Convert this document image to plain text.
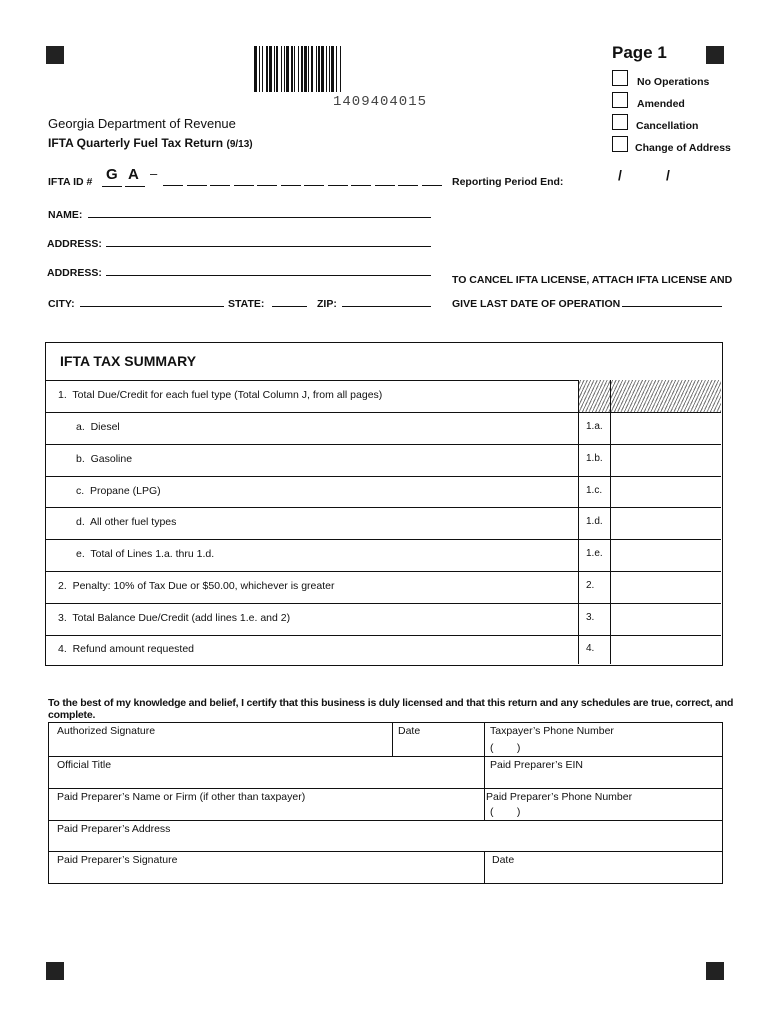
1409404015
Page 1
No Operations
Amended
Cancellation
Change of Address
Georgia Department of Revenue
IFTA Quarterly Fuel Tax Return (9/13)
IFTA ID # G A –
Reporting Period End:	/	/
NAME:
ADDRESS:
ADDRESS:
CITY:	STATE:	ZIP:
TO CANCEL IFTA LICENSE, ATTACH IFTA LICENSE AND
GIVE LAST DATE OF OPERATION
IFTA TAX SUMMARY
1.  Total Due/Credit for each fuel type (Total Column J, from all pages)
a.  Diesel	1.a.
b.  Gasoline	1.b.
c.  Propane (LPG)	1.c.
d.  All other fuel types	1.d.
e.  Total of Lines 1.a. thru 1.d.	1.e.
2.  Penalty: 10% of Tax Due or $50.00, whichever is greater	2.
3.  Total Balance Due/Credit (add lines 1.e. and 2)	3.
4.  Refund amount requested	4.
To the best of my knowledge and belief, I certify that this business is duly licensed and that this return and any schedules are true, correct, and complete.
Authorized Signature	Date	Taxpayer’s Phone Number
(        )
Official Title	Paid Preparer’s EIN
Paid Preparer’s Name or Firm (if other than taxpayer)	Paid Preparer’s Phone Number
(        )
Paid Preparer’s Address
Paid Preparer’s Signature	Date
